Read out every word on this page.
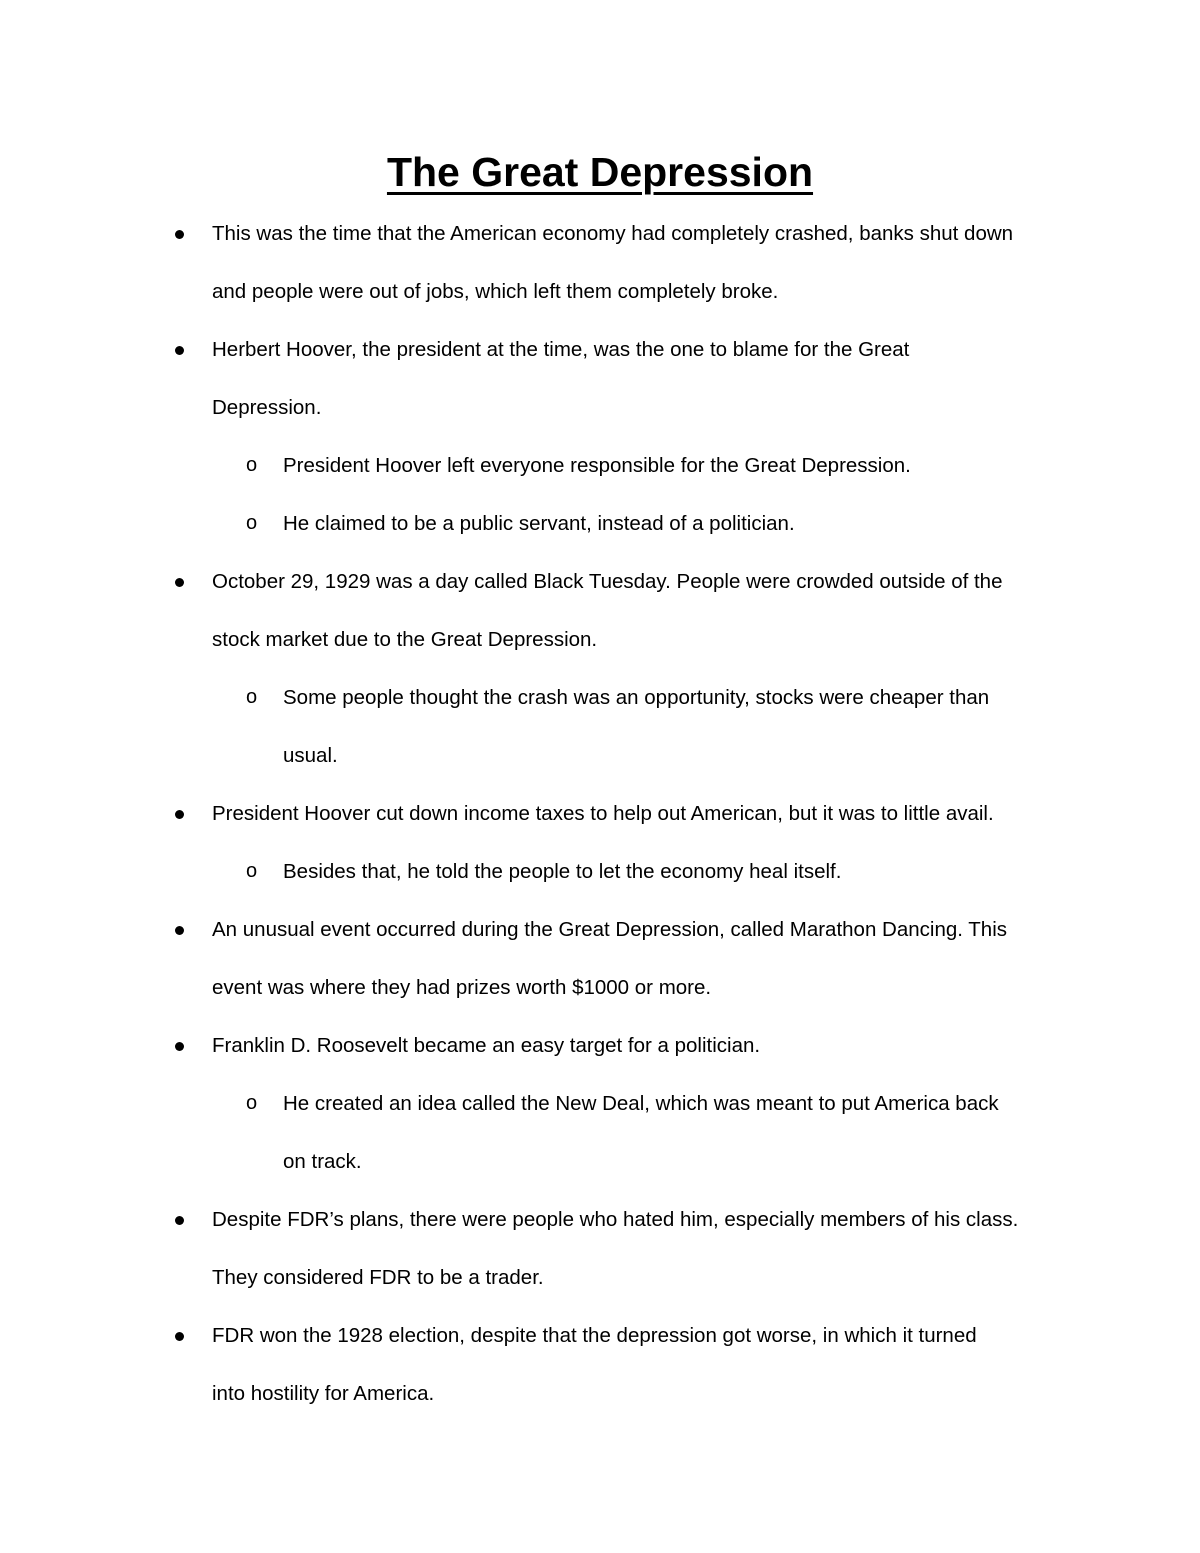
The Great Depression
This was the time that the American economy had completely crashed, banks shut down
and people were out of jobs, which left them completely broke.
Herbert Hoover, the president at the time, was the one to blame for the Great
Depression.
o President Hoover left everyone responsible for the Great Depression.
o He claimed to be a public servant, instead of a politician.
October 29, 1929 was a day called Black Tuesday. People were crowded outside of the
stock market due to the Great Depression.
o Some people thought the crash was an opportunity, stocks were cheaper than
usual.
President Hoover cut down income taxes to help out American, but it was to little avail.
o Besides that, he told the people to let the economy heal itself.
An unusual event occurred during the Great Depression, called Marathon Dancing. This
event was where they had prizes worth $1000 or more.
Franklin D. Roosevelt became an easy target for a politician.
o He created an idea called the New Deal, which was meant to put America back
on track.
Despite FDR’s plans, there were people who hated him, especially members of his class.
They considered FDR to be a trader.
FDR won the 1928 election, despite that the depression got worse, in which it turned
into hostility for America.
